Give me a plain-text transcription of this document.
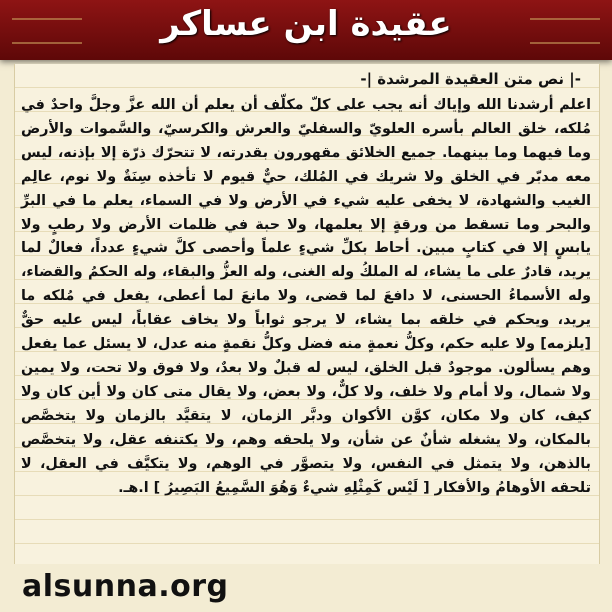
عقيدة ابن عساكر
-| نص متن العقيدة المرشدة |-
اعلم أرشدنا الله وإياك أنه يجب على كلّ مكلّف أن يعلم أن الله عزَّ وجلَّ واحدٌ في مُلكه، خلق العالم بأسره العلويّ والسفليّ والعرش والكرسيّ، والسَّموات والأرض وما فيهما وما بينهما. جميع الخلائق مقهورون بقدرته، لا تتحرّك ذرّة إلا بإذنه، ليس معه مدبّر في الخلق ولا شريك في المُلك، حيٌّ قيوم لا تأخذه سِنَةٌ ولا نوم، عالِم الغيب والشهادة، لا يخفى عليه شيء في الأرض ولا في السماء، يعلم ما في البرِّ والبحر وما تسقط من ورقةٍ إلا يعلمها، ولا حبة في ظلمات الأرض ولا رطبٍ ولا يابسٍ إلا في كتابٍ مبين. أحاط بكلِّ شيءٍ علماً وأحصى كلَّ شيءٍ عدداً، فعالٌ لما يريد، قادرٌ على ما يشاء، له الملكُ وله الغنى، وله العزُّ والبقاء، وله الحكمُ والقضاء، وله الأسماءُ الحسنى، لا دافعَ لما قضى، ولا مانعَ لما أعطى، يفعل في مُلكه ما يريد، ويحكم في خلقه بما يشاء، لا يرجو ثواباً ولا يخاف عقاباً، ليس عليه حقٌّ [يلزمه] ولا عليه حكم، وكلُّ نعمةٍ منه فضل وكلُّ نقمةٍ منه عدل، لا يسئل عما يفعل وهم يسألون. موجودٌ قبل الخلق، ليس له قبلٌ ولا بعدٌ، ولا فوق ولا تحت، ولا يمين ولا شمال، ولا أمام ولا خلف، ولا كلٌّ، ولا بعض، ولا يقال متى كان ولا أين كان ولا كيف، كان ولا مكان، كوَّن الأكوان ودبَّر الزمان، لا يتقيَّد بالزمان ولا يتخصَّص بالمكان، ولا يشغله شأنٌ عن شأن، ولا يلحقه وهم، ولا يكتنفه عقل، ولا يتخصَّص بالذهن، ولا يتمثل في النفس، ولا يتصوَّر في الوهم، ولا يتكيَّف في العقل، لا تلحقه الأوهامُ والأفكار [ لَيْس كَمِثْلِهِ شيءٌ وَهُوَ السَّمِيعُ البَصِيرُ ] ا.هـ.
alsunna.org
